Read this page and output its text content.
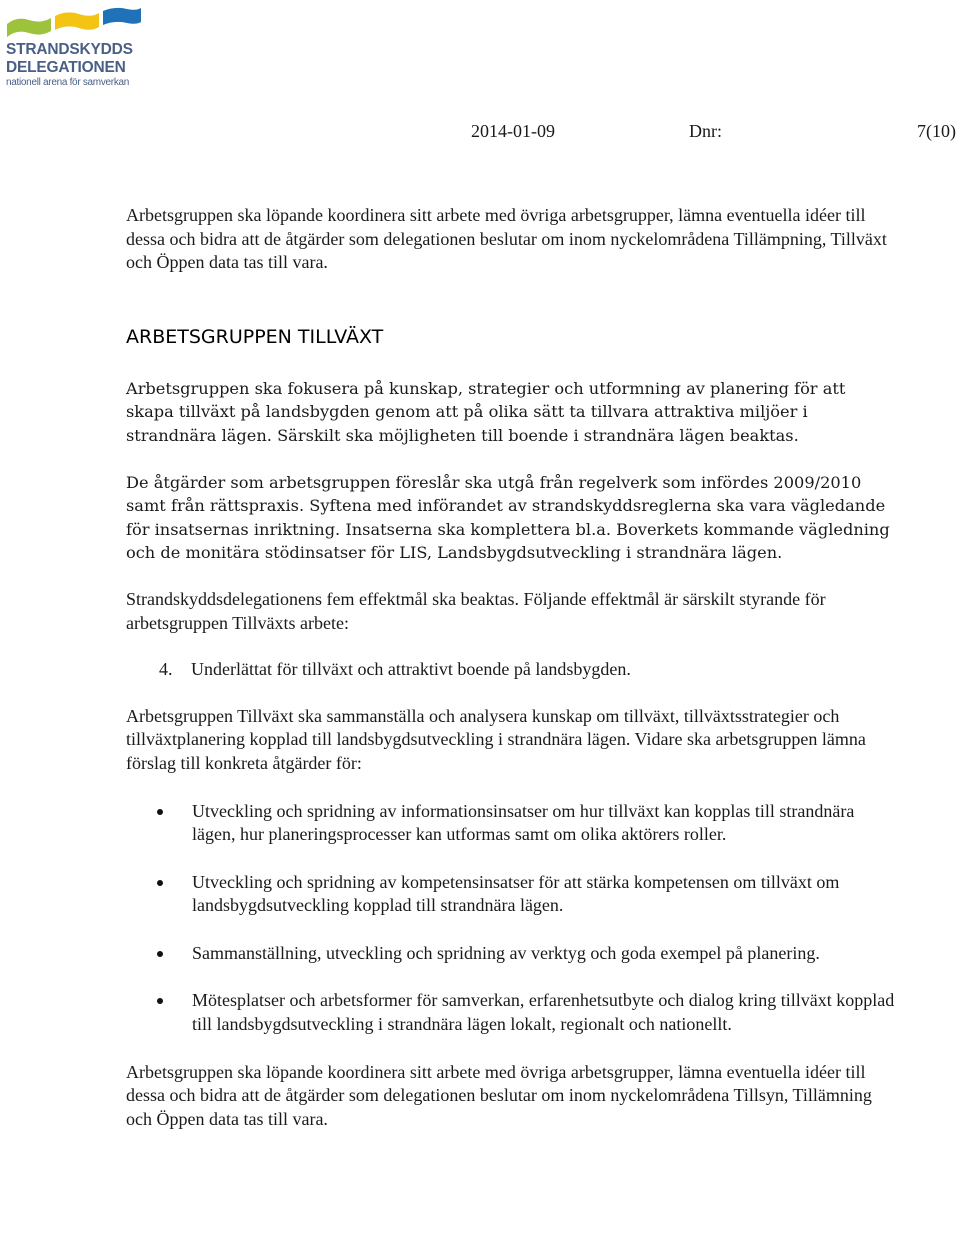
STRANDSKYDDS
DELEGATIONEN
nationell arena för samverkan
2014-01-09	Dnr:	7(10)

Arbetsgruppen ska löpande koordinera sitt arbete med övriga arbetsgrupper, lämna eventuella idéer till dessa och bidra att de åtgärder som delegationen beslutar om inom nyckelområdena Tillämpning, Tillväxt och Öppen data tas till vara.

ARBETSGRUPPEN TILLVÄXT

Arbetsgruppen ska fokusera på kunskap, strategier och utformning av planering för att skapa tillväxt på landsbygden genom att på olika sätt ta tillvara attraktiva miljöer i strandnära lägen. Särskilt ska möjligheten till boende i strandnära lägen beaktas.

De åtgärder som arbetsgruppen föreslår ska utgå från regelverk som infördes 2009/2010 samt från rättspraxis. Syftena med införandet av strandskyddsreglerna ska vara vägledande för insatsernas inriktning. Insatserna ska komplettera bl.a. Boverkets kommande vägledning och de monitära stödinsatser för LIS, Landsbygdsutveckling i strandnära lägen.

Strandskyddsdelegationens fem effektmål ska beaktas. Följande effektmål är särskilt styrande för arbetsgruppen Tillväxts arbete:

4. Underlättat för tillväxt och attraktivt boende på landsbygden.

Arbetsgruppen Tillväxt ska sammanställa och analysera kunskap om tillväxt, tillväxtsstrategier och tillväxtplanering kopplad till landsbygdsutveckling i strandnära lägen. Vidare ska arbetsgruppen lämna förslag till konkreta åtgärder för:

Utveckling och spridning av informationsinsatser om hur tillväxt kan kopplas till strandnära lägen, hur planeringsprocesser kan utformas samt om olika aktörers roller.
Utveckling och spridning av kompetensinsatser för att stärka kompetensen om tillväxt om landsbygdsutveckling kopplad till strandnära lägen.
Sammanställning, utveckling och spridning av verktyg och goda exempel på planering.
Mötesplatser och arbetsformer för samverkan, erfarenhetsutbyte och dialog kring tillväxt kopplad till landsbygdsutveckling i strandnära lägen lokalt, regionalt och nationellt.

Arbetsgruppen ska löpande koordinera sitt arbete med övriga arbetsgrupper, lämna eventuella idéer till dessa och bidra att de åtgärder som delegationen beslutar om inom nyckelområdena Tillsyn, Tillämning och Öppen data tas till vara.
